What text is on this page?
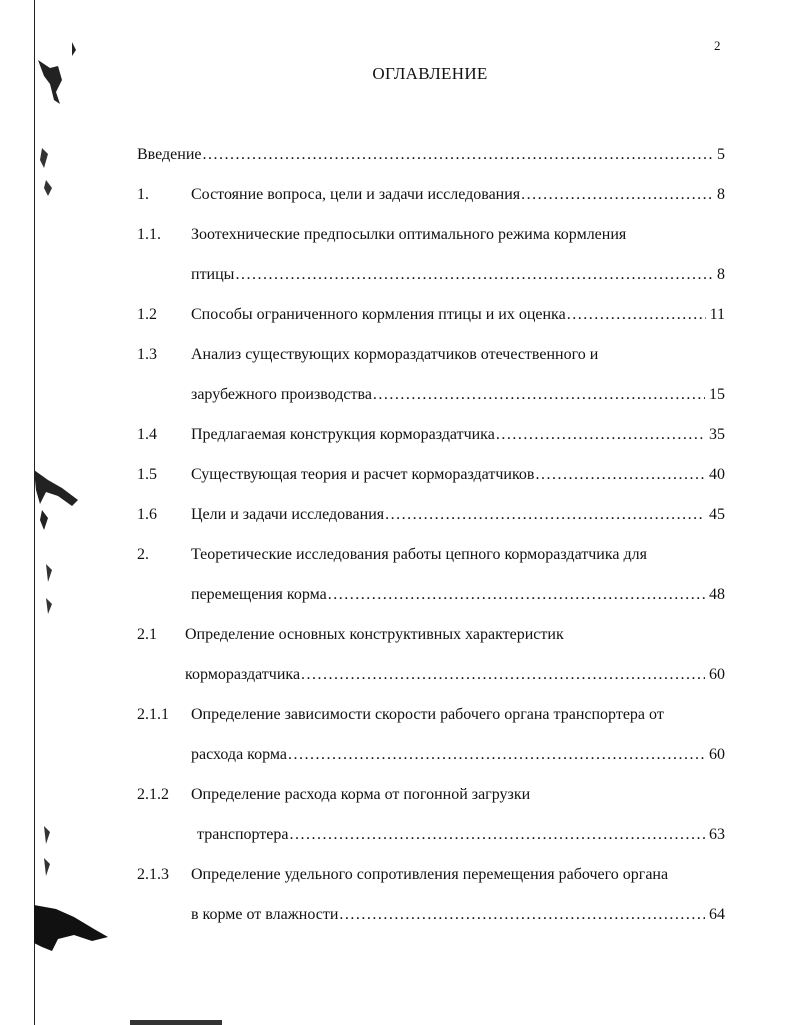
2
ОГЛАВЛЕНИЕ
Введение .....	5
1.	Состояние вопроса, цели и задачи исследования .....	8
1.1. Зоотехнические предпосылки оптимального режима кормления
птицы .....	8
1.2 Способы ограниченного кормления птицы и их оценка .....	11
1.3 Анализ существующих кормораздатчиков отечественного и
зарубежного производства .....	15
1.4 Предлагаемая конструкция кормораздатчика .....	35
1.5 Существующая теория и расчет кормораздатчиков .....	40
1.6 Цели и задачи исследования .....	45
2.	Теоретические исследования работы цепного кормораздатчика для
перемещения корма .....	48
2.1 Определение основных конструктивных характеристик
кормораздатчика .....	60
2.1.1 Определение зависимости скорости рабочего органа транспортера от
расхода корма .....	60
2.1.2 Определение расхода корма от погонной загрузки
транспортера .....	63
2.1.3 Определение удельного сопротивления перемещения рабочего органа
в корме от влажности .....	64
